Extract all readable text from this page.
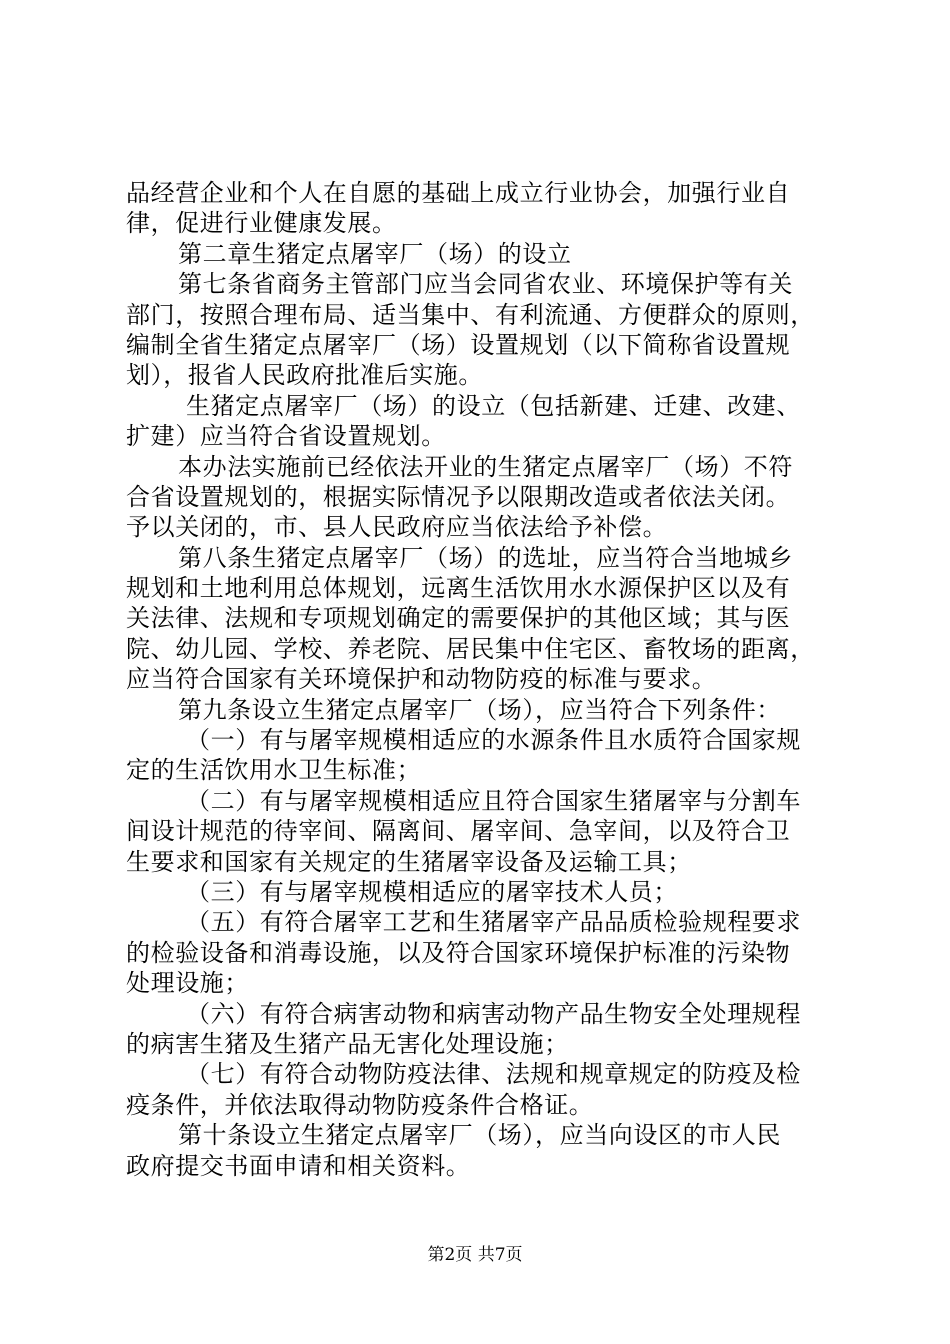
品经营企业和个人在自愿的基础上成立行业协会，加强行业自
律，促进行业健康发展。
第二章生猪定点屠宰厂（场）的设立
第七条省商务主管部门应当会同省农业、环境保护等有关
部门，按照合理布局、适当集中、有利流通、方便群众的原则，
编制全省生猪定点屠宰厂（场）设置规划（以下简称省设置规
划），报省人民政府批准后实施。
生猪定点屠宰厂（场）的设立（包括新建、迁建、改建、
扩建）应当符合省设置规划。
本办法实施前已经依法开业的生猪定点屠宰厂（场）不符
合省设置规划的，根据实际情况予以限期改造或者依法关闭。
予以关闭的，市、县人民政府应当依法给予补偿。
第八条生猪定点屠宰厂（场）的选址，应当符合当地城乡
规划和土地利用总体规划，远离生活饮用水水源保护区以及有
关法律、法规和专项规划确定的需要保护的其他区域；其与医
院、幼儿园、学校、养老院、居民集中住宅区、畜牧场的距离，
应当符合国家有关环境保护和动物防疫的标准与要求。
第九条设立生猪定点屠宰厂（场），应当符合下列条件：
（一）有与屠宰规模相适应的水源条件且水质符合国家规
定的生活饮用水卫生标准；
（二）有与屠宰规模相适应且符合国家生猪屠宰与分割车
间设计规范的待宰间、隔离间、屠宰间、急宰间，以及符合卫
生要求和国家有关规定的生猪屠宰设备及运输工具；
（三）有与屠宰规模相适应的屠宰技术人员；
（五）有符合屠宰工艺和生猪屠宰产品品质检验规程要求
的检验设备和消毒设施，以及符合国家环境保护标准的污染物
处理设施；
（六）有符合病害动物和病害动物产品生物安全处理规程
的病害生猪及生猪产品无害化处理设施；
（七）有符合动物防疫法律、法规和规章规定的防疫及检
疫条件，并依法取得动物防疫条件合格证。
第十条设立生猪定点屠宰厂（场），应当向设区的市人民
政府提交书面申请和相关资料。
第2页 共7页
